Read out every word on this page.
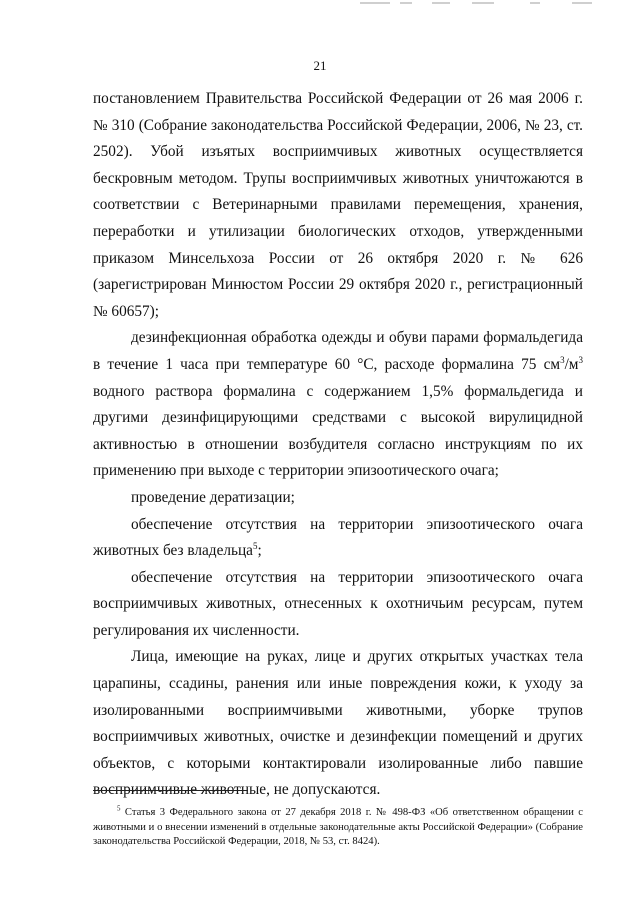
21

постановлением Правительства Российской Федерации от 26 мая 2006 г. № 310 (Собрание законодательства Российской Федерации, 2006, № 23, ст. 2502). Убой изъятых восприимчивых животных осуществляется бескровным методом. Трупы восприимчивых животных уничтожаются в соответствии с Ветеринарными правилами перемещения, хранения, переработки и утилизации биологических отходов, утвержденными приказом Минсельхоза России от 26 октября 2020 г. № 626 (зарегистрирован Минюстом России 29 октября 2020 г., регистрационный № 60657);

дезинфекционная обработка одежды и обуви парами формальдегида в течение 1 часа при температуре 60 °С, расходе формалина 75 $см^3/м^3$ водного раствора формалина с содержанием 1,5% формальдегида и другими дезинфицирующими средствами с высокой вирулицидной активностью в отношении возбудителя согласно инструкциям по их применению при выходе с территории эпизоотического очага;

проведение дератизации;

обеспечение отсутствия на территории эпизоотического очага животных без владельца$^5$;

обеспечение отсутствия на территории эпизоотического очага восприимчивых животных, отнесенных к охотничьим ресурсам, путем регулирования их численности.

Лица, имеющие на руках, лице и других открытых участках тела царапины, ссадины, ранения или иные повреждения кожи, к уходу за изолированными восприимчивыми животными, уборке трупов восприимчивых животных, очистке и дезинфекции помещений и других объектов, с которыми контактировали изолированные либо павшие восприимчивые животные, не допускаются.

$^5$ Статья 3 Федерального закона от 27 декабря 2018 г. № 498-ФЗ «Об ответственном обращении с животными и о внесении изменений в отдельные законодательные акты Российской Федерации» (Собрание законодательства Российской Федерации, 2018, № 53, ст. 8424).
